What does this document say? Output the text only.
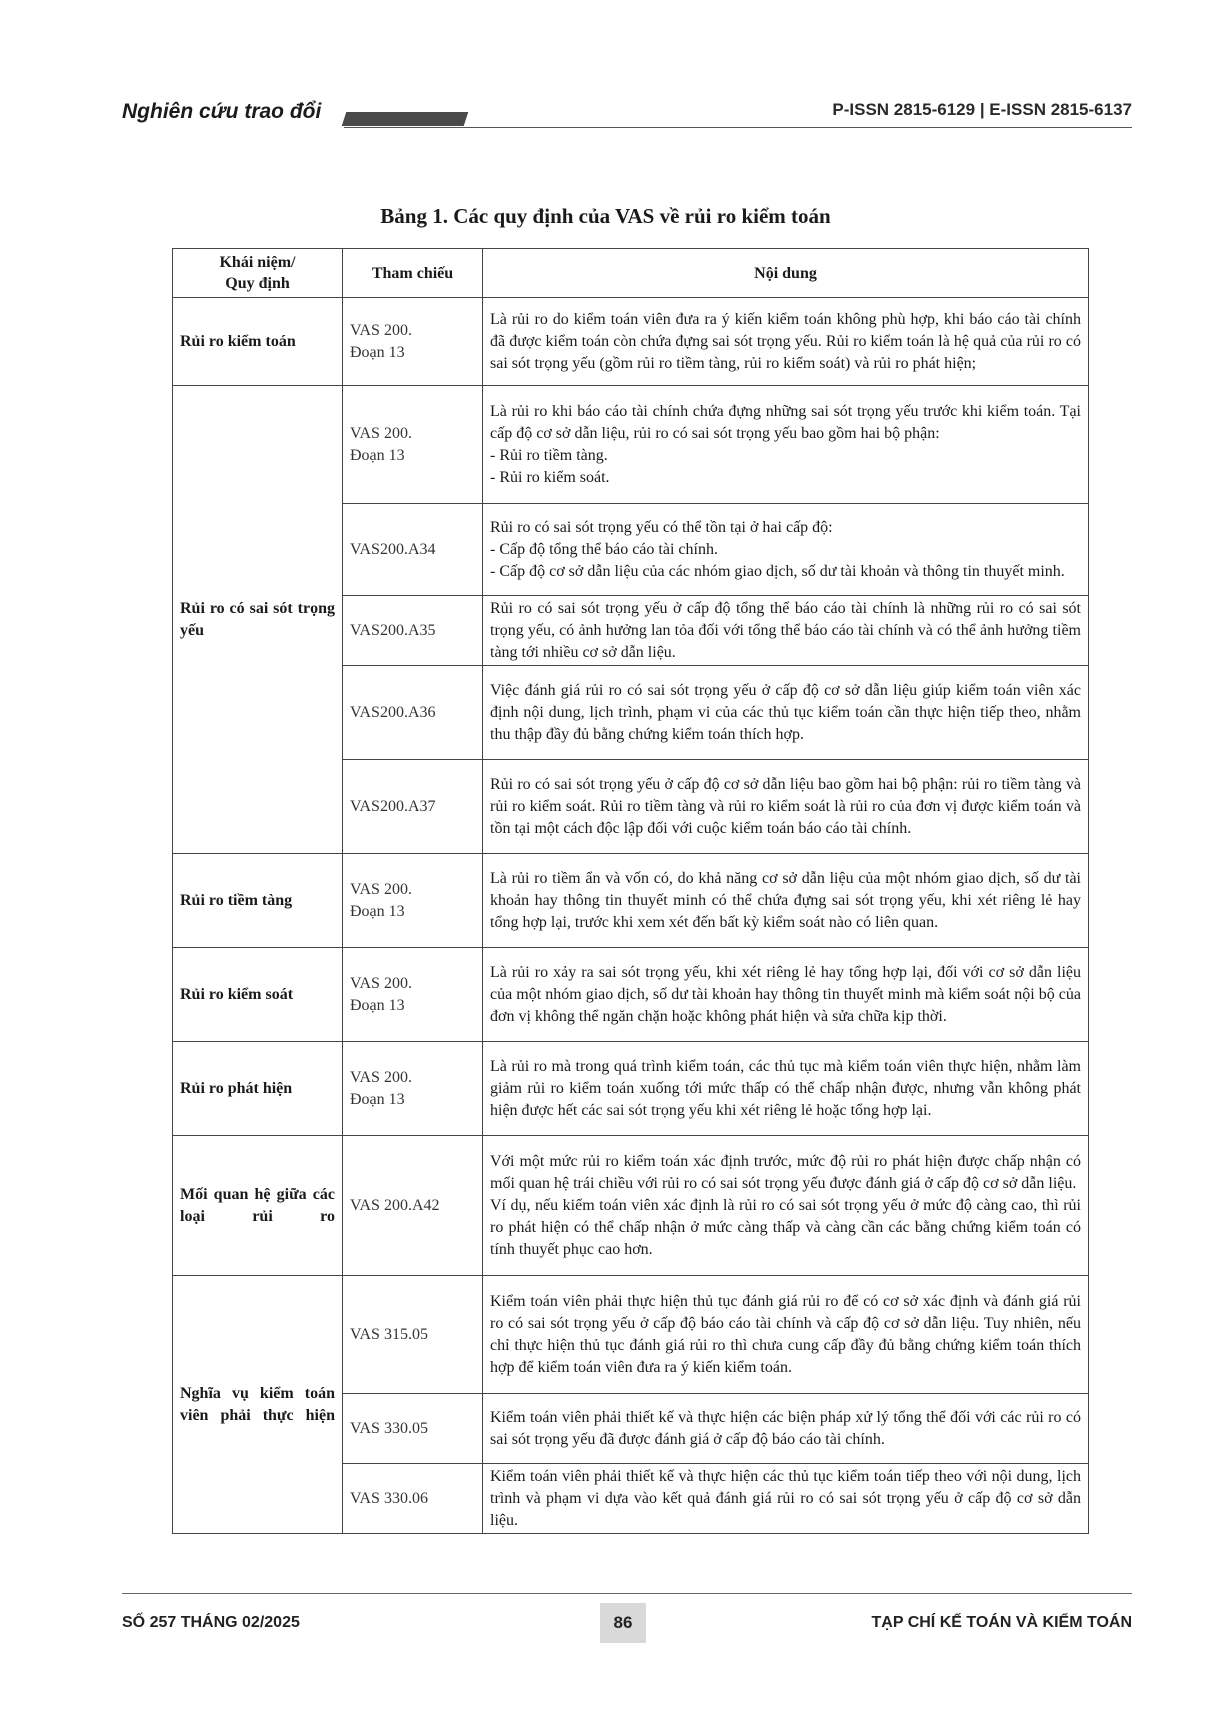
Nghiên cứu trao đổi	P-ISSN 2815-6129 | E-ISSN 2815-6137
Bảng 1. Các quy định của VAS về rủi ro kiểm toán
Khái niệm/
Quy định	Tham chiếu	Nội dung
Rủi ro kiểm toán	VAS 200.
Đoạn 13	Là rủi ro do kiểm toán viên đưa ra ý kiến kiểm toán không phù hợp, khi báo cáo tài chính đã được kiểm toán còn chứa đựng sai sót trọng yếu. Rủi ro kiểm toán là hệ quả của rủi ro có sai sót trọng yếu (gồm rủi ro tiềm tàng, rủi ro kiểm soát) và rủi ro phát hiện;
Rủi ro có sai sót trọng yếu	VAS 200.
Đoạn 13	Là rủi ro khi báo cáo tài chính chứa đựng những sai sót trọng yếu trước khi kiểm toán. Tại cấp độ cơ sở dẫn liệu, rủi ro có sai sót trọng yếu bao gồm hai bộ phận:
- Rủi ro tiềm tàng.
- Rủi ro kiểm soát.

	VAS200.A34	Rủi ro có sai sót trọng yếu có thể tồn tại ở hai cấp độ:
- Cấp độ tổng thể báo cáo tài chính.
- Cấp độ cơ sở dẫn liệu của các nhóm giao dịch, số dư tài khoản và thông tin thuyết minh.

	VAS200.A35	Rủi ro có sai sót trọng yếu ở cấp độ tổng thể báo cáo tài chính là những rủi ro có sai sót trọng yếu, có ảnh hưởng lan tỏa đối với tổng thể báo cáo tài chính và có thể ảnh hưởng tiềm tàng tới nhiều cơ sở dẫn liệu.
	VAS200.A36	Việc đánh giá rủi ro có sai sót trọng yếu ở cấp độ cơ sở dẫn liệu giúp kiểm toán viên xác định nội dung, lịch trình, phạm vi của các thủ tục kiểm toán cần thực hiện tiếp theo, nhằm thu thập đầy đủ bằng chứng kiểm toán thích hợp.
	VAS200.A37	Rủi ro có sai sót trọng yếu ở cấp độ cơ sở dẫn liệu bao gồm hai bộ phận: rủi ro tiềm tàng và rủi ro kiểm soát. Rủi ro tiềm tàng và rủi ro kiểm soát là rủi ro của đơn vị được kiểm toán và tồn tại một cách độc lập đối với cuộc kiểm toán báo cáo tài chính.
Rủi ro tiềm tàng	VAS 200.
Đoạn 13	Là rủi ro tiềm ẩn và vốn có, do khả năng cơ sở dẫn liệu của một nhóm giao dịch, số dư tài khoản hay thông tin thuyết minh có thể chứa đựng sai sót trọng yếu, khi xét riêng lẻ hay tổng hợp lại, trước khi xem xét đến bất kỳ kiểm soát nào có liên quan.
Rủi ro kiểm soát	VAS 200.
Đoạn 13	Là rủi ro xảy ra sai sót trọng yếu, khi xét riêng lẻ hay tổng hợp lại, đối với cơ sở dẫn liệu của một nhóm giao dịch, số dư tài khoản hay thông tin thuyết minh mà kiểm soát nội bộ của đơn vị không thể ngăn chặn hoặc không phát hiện và sửa chữa kịp thời.
Rủi ro phát hiện	VAS 200.
Đoạn 13	Là rủi ro mà trong quá trình kiểm toán, các thủ tục mà kiểm toán viên thực hiện, nhằm làm giảm rủi ro kiểm toán xuống tới mức thấp có thể chấp nhận được, nhưng vẫn không phát hiện được hết các sai sót trọng yếu khi xét riêng lẻ hoặc tổng hợp lại.
Mối quan hệ giữa các loại rủi ro	VAS 200.A42	Với một mức rủi ro kiểm toán xác định trước, mức độ rủi ro phát hiện được chấp nhận có mối quan hệ trái chiều với rủi ro có sai sót trọng yếu được đánh giá ở cấp độ cơ sở dẫn liệu.
Ví dụ, nếu kiểm toán viên xác định là rủi ro có sai sót trọng yếu ở mức độ càng cao, thì rủi ro phát hiện có thể chấp nhận ở mức càng thấp và càng cần các bằng chứng kiểm toán có tính thuyết phục cao hơn.

Nghĩa vụ kiểm toán viên phải thực hiện	VAS 315.05	Kiểm toán viên phải thực hiện thủ tục đánh giá rủi ro để có cơ sở xác định và đánh giá rủi ro có sai sót trọng yếu ở cấp độ báo cáo tài chính và cấp độ cơ sở dẫn liệu. Tuy nhiên, nếu chỉ thực hiện thủ tục đánh giá rủi ro thì chưa cung cấp đầy đủ bằng chứng kiểm toán thích hợp để kiểm toán viên đưa ra ý kiến kiểm toán.
	VAS 330.05	Kiểm toán viên phải thiết kế và thực hiện các biện pháp xử lý tổng thể đối với các rủi ro có sai sót trọng yếu đã được đánh giá ở cấp độ báo cáo tài chính.
	VAS 330.06	Kiểm toán viên phải thiết kế và thực hiện các thủ tục kiểm toán tiếp theo với nội dung, lịch trình và phạm vi dựa vào kết quả đánh giá rủi ro có sai sót trọng yếu ở cấp độ cơ sở dẫn liệu.
SỐ 257 THÁNG 02/2025	86	TẠP CHÍ KẾ TOÁN VÀ KIỂM TOÁN
